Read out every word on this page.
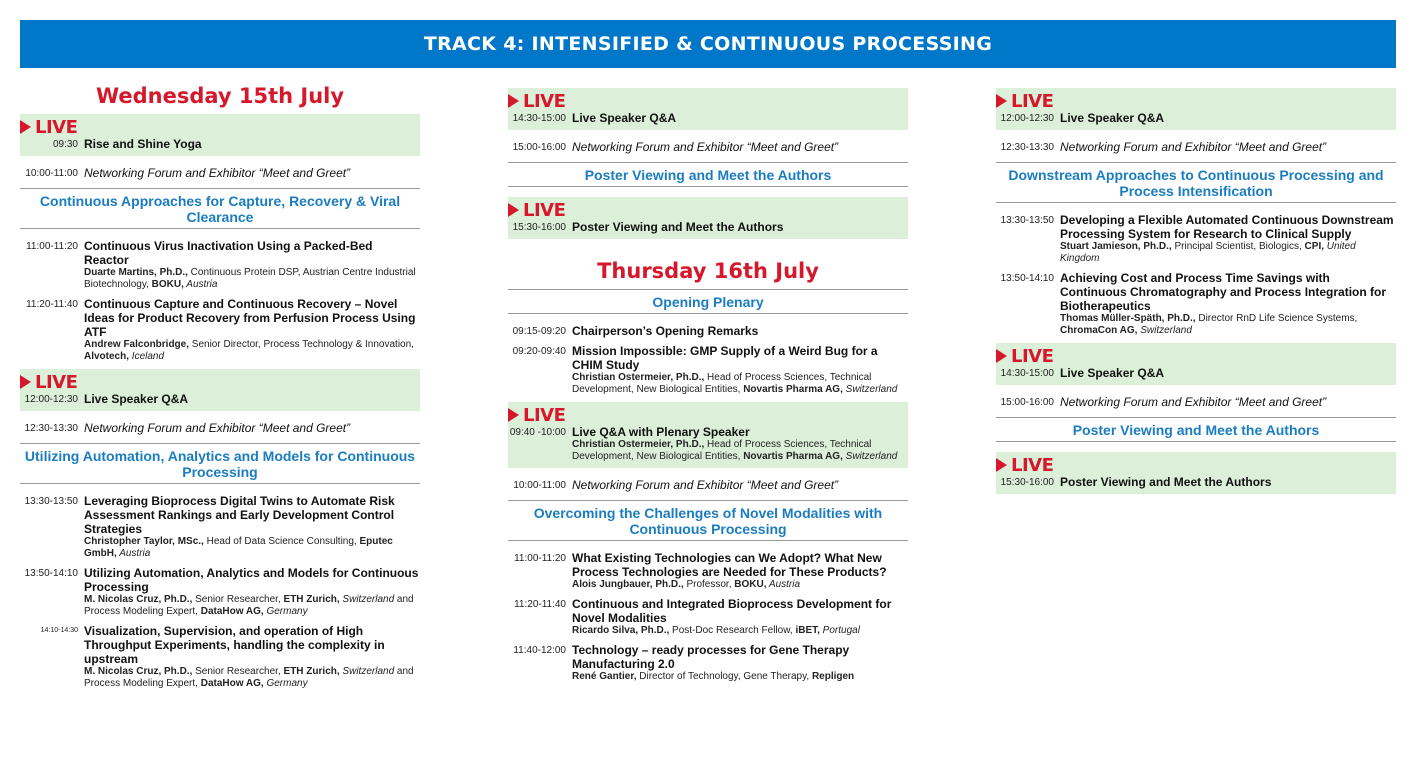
TRACK 4: INTENSIFIED & CONTINUOUS PROCESSING
Wednesday 15th July
LIVE
09:30 Rise and Shine Yoga
10:00-11:00 Networking Forum and Exhibitor “Meet and Greet”
Continuous Approaches for Capture, Recovery & Viral Clearance
11:00-11:20 Continuous Virus Inactivation Using a Packed-Bed Reactor
Duarte Martins, Ph.D., Continuous Protein DSP, Austrian Centre Industrial Biotechnology, BOKU, Austria
11:20-11:40 Continuous Capture and Continuous Recovery – Novel Ideas for Product Recovery from Perfusion Process Using ATF
Andrew Falconbridge, Senior Director, Process Technology & Innovation, Alvotech, Iceland
LIVE
12:00-12:30 Live Speaker Q&A
12:30-13:30 Networking Forum and Exhibitor “Meet and Greet”
Utilizing Automation, Analytics and Models for Continuous Processing
13:30-13:50 Leveraging Bioprocess Digital Twins to Automate Risk Assessment Rankings and Early Development Control Strategies
Christopher Taylor, MSc., Head of Data Science Consulting, Eputec GmbH, Austria
13:50-14:10 Utilizing Automation, Analytics and Models for Continuous Processing
M. Nicolas Cruz, Ph.D., Senior Researcher, ETH Zurich, Switzerland and Process Modeling Expert, DatаHow AG, Germany
14:10-14:30 Visualization, Supervision, and operation of High Throughput Experiments, handling the complexity in upstream
M. Nicolas Cruz, Ph.D., Senior Researcher, ETH Zurich, Switzerland and Process Modeling Expert, DataHow AG, Germany
LIVE
14:30-15:00 Live Speaker Q&A
15:00-16:00 Networking Forum and Exhibitor “Meet and Greet”
Poster Viewing and Meet the Authors
LIVE
15:30-16:00 Poster Viewing and Meet the Authors
Thursday 16th July
Opening Plenary
09:15-09:20 Chairperson’s Opening Remarks
09:20-09:40 Mission Impossible: GMP Supply of a Weird Bug for a CHIM Study
Christian Ostermeier, Ph.D., Head of Process Sciences, Technical Development, New Biological Entities, Novartis Pharma AG, Switzerland
LIVE
09:40 -10:00 Live Q&A with Plenary Speaker
Christian Ostermeier, Ph.D., Head of Process Sciences, Technical Development, New Biological Entities, Novartis Pharma AG, Switzerland
10:00-11:00 Networking Forum and Exhibitor “Meet and Greet”
Overcoming the Challenges of Novel Modalities with Continuous Processing
11:00-11:20 What Existing Technologies can We Adopt? What New Process Technologies are Needed for These Products?
Alois Jungbauer, Ph.D., Professor, BOKU, Austria
11:20-11:40 Continuous and Integrated Bioprocess Development for Novel Modalities
Ricardo Silva, Ph.D., Post-Doc Research Fellow, iBET, Portugal
11:40-12:00 Technology – ready processes for Gene Therapy Manufacturing 2.0
René Gantier, Director of Technology, Gene Therapy, Repligen
LIVE
12:00-12:30 Live Speaker Q&A
12:30-13:30 Networking Forum and Exhibitor “Meet and Greet”
Downstream Approaches to Continuous Processing and Process Intensification
13:30-13:50 Developing a Flexible Automated Continuous Downstream Processing System for Research to Clinical Supply
Stuart Jamieson, Ph.D., Principal Scientist, Biologics, CPI, United Kingdom
13:50-14:10 Achieving Cost and Process Time Savings with Continuous Chromatography and Process Integration for Biotherapeutics
Thomas Müller-Späth, Ph.D., Director RnD Life Science Systems, ChromaCon AG, Switzerland
LIVE
14:30-15:00 Live Speaker Q&A
15:00-16:00 Networking Forum and Exhibitor “Meet and Greet”
Poster Viewing and Meet the Authors
LIVE
15:30-16:00 Poster Viewing and Meet the Authors
